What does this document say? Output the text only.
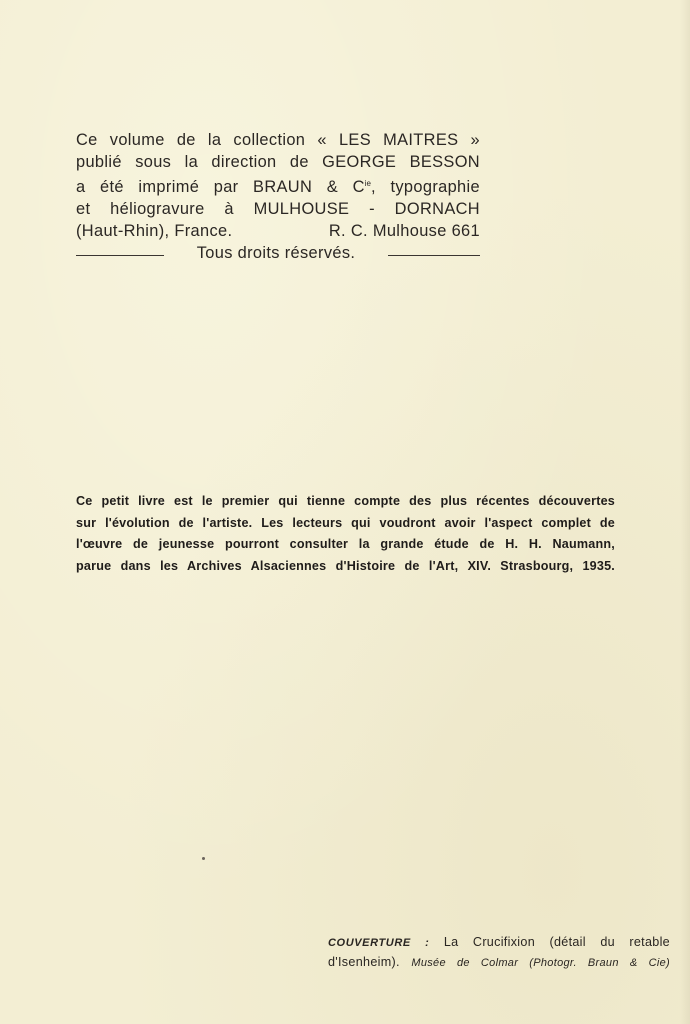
Ce volume de la collection « LES MAITRES »
publié sous la direction de GEORGE BESSON
a été imprimé par BRAUN & $C^{ie}$, typographie
et héliogravure à MULHOUSE - DORNACH
(Haut-Rhin), France.	R. C. Mulhouse 661
Tous droits réservés.
Ce petit livre est le premier qui tienne compte des plus récentes découvertes
sur l'évolution de l'artiste. Les lecteurs qui voudront avoir l'aspect complet de
l'œuvre de jeunesse pourront consulter la grande étude de H. H. Naumann,
parue dans les Archives Alsaciennes d'Histoire de l'Art, XIV. Strasbourg, 1935.
COUVERTURE : La Crucifixion (détail du retable
d'Isenheim). Musée de Colmar (Photogr. Braun & Cie)
